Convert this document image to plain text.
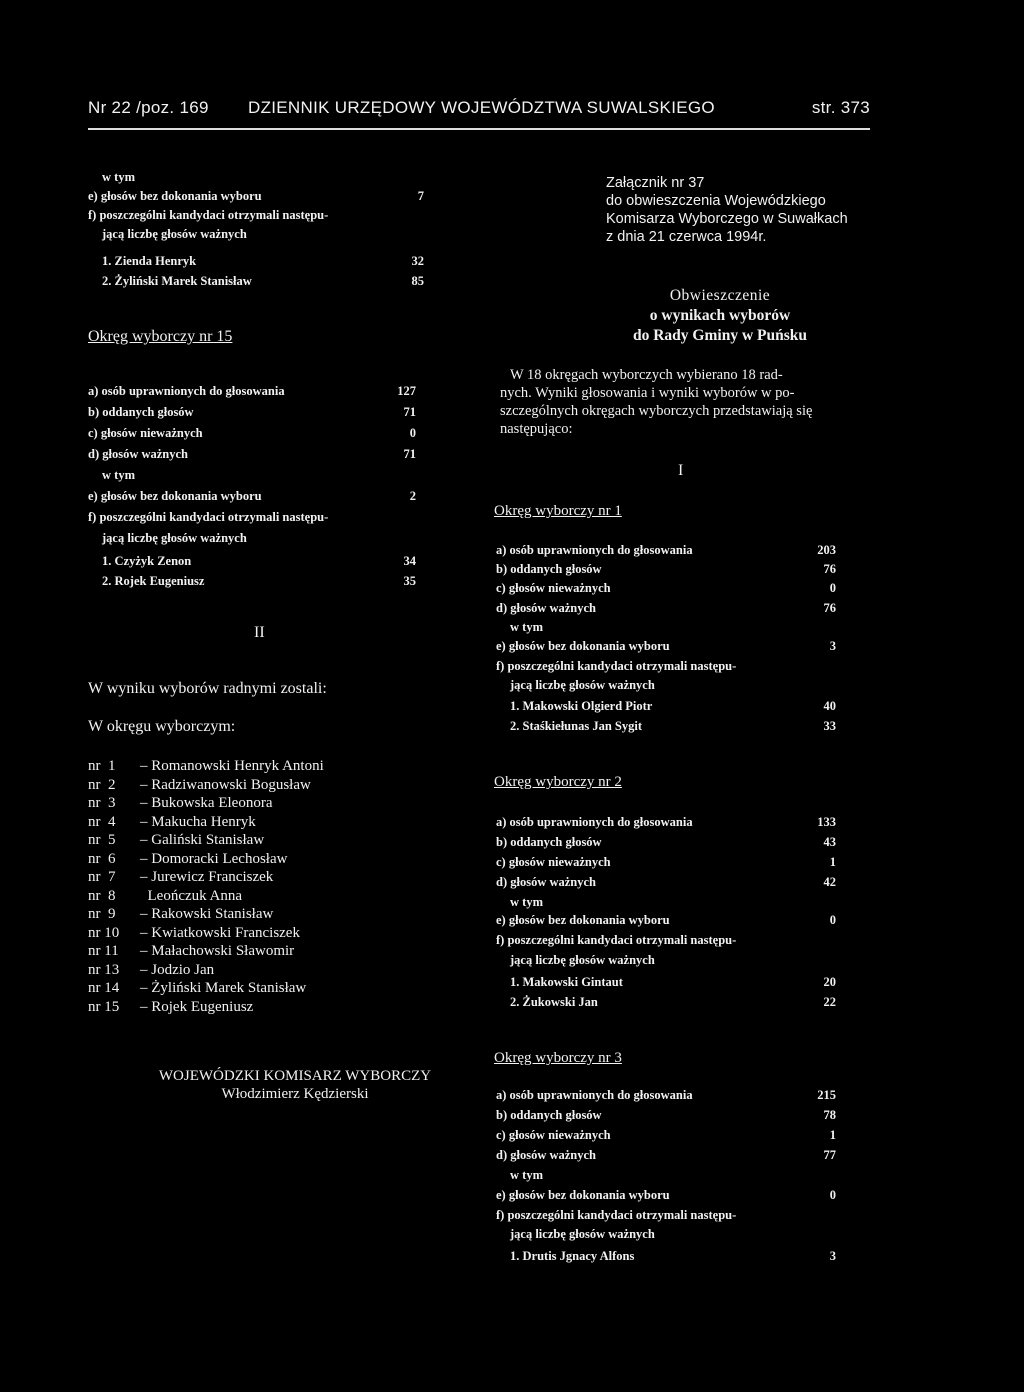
Nr 22 /poz. 169 DZIENNIK URZĘDOWY WOJEWÓDZTWA SUWALSKIEGO	str. 373
w tym
e) głosów bez dokonania wyboru	7
f) poszczególni kandydaci otrzymali następu-
jącą liczbę głosów ważnych
1. Zienda Henryk	32
2. Żyliński Marek Stanisław	85
Okręg wyborczy nr 15
a) osób uprawnionych do głosowania	127
b) oddanych głosów	71
c) głosów nieważnych	0
d) głosów ważnych	71
w tym
e) głosów bez dokonania wyboru	2
f) poszczególni kandydaci otrzymali następu-
jącą liczbę głosów ważnych
1. Czyżyk Zenon	34
2. Rojek Eugeniusz	35
II
W wyniku wyborów radnymi zostali:
W okręgu wyborczym:
nr  1 – Romanowski Henryk Antoni
nr  2 – Radziwanowski Bogusław
nr  3 – Bukowska Eleonora
nr  4 – Makucha Henryk
nr  5 – Galiński Stanisław
nr  6 – Domoracki Lechosław
nr  7 – Jurewicz Franciszek
nr  8  Leończuk Anna
nr  9 – Rakowski Stanisław
nr 10 – Kwiatkowski Franciszek
nr 11 – Małachowski Sławomir
nr 13 – Jodzio Jan
nr 14 – Żyliński Marek Stanisław
nr 15 – Rojek Eugeniusz
WOJEWÓDZKI KOMISARZ WYBORCZY
Włodzimierz Kędzierski
Załącznik nr 37
do obwieszczenia Wojewódzkiego
Komisarza Wyborczego w Suwałkach
z dnia 21 czerwca 1994r.
Obwieszczenie
o wynikach wyborów
do Rady Gminy w Puńsku
W 18 okręgach wyborczych wybierano 18 rad-
nych. Wyniki głosowania i wyniki wyborów w po-
szczególnych okręgach wyborczych przedstawiają się
następująco:
I
Okręg wyborczy nr 1
a) osób uprawnionych do głosowania	203
b) oddanych głosów	76
c) głosów nieważnych	0
d) głosów ważnych	76
w tym
e) głosów bez dokonania wyboru	3
f) poszczególni kandydaci otrzymali następu-
jącą liczbę głosów ważnych
1. Makowski Olgierd Piotr	40
2. Staśkiełunas Jan Sygit	33
Okręg wyborczy nr 2
a) osób uprawnionych do głosowania	133
b) oddanych głosów	43
c) głosów nieważnych	1
d) głosów ważnych	42
w tym
e) głosów bez dokonania wyboru	0
f) poszczególni kandydaci otrzymali następu-
jącą liczbę głosów ważnych
1. Makowski Gintaut	20
2. Żukowski Jan	22
Okręg wyborczy nr 3
a) osób uprawnionych do głosowania	215
b) oddanych głosów	78
c) głosów nieważnych	1
d) głosów ważnych	77
w tym
e) głosów bez dokonania wyboru	0
f) poszczególni kandydaci otrzymali następu-
jącą liczbę głosów ważnych
1. Drutis Jgnacy Alfons	3
